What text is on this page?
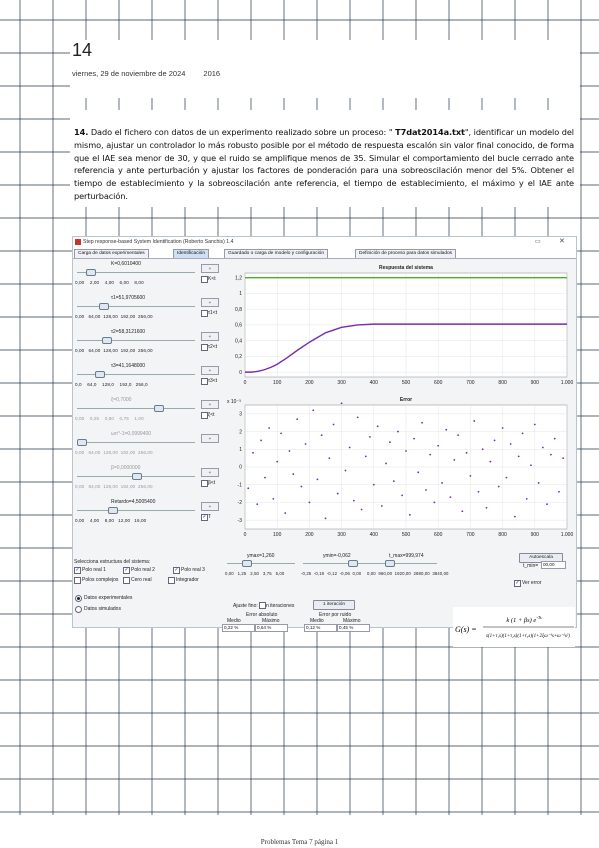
14
viernes, 29 de noviembre de 2024 2016
14. Dado el fichero con datos de un experimento realizado sobre un proceso: " T7dat2014a.txt", identificar un modelo del mismo, ajustar un controlador lo más robusto posible por el método de respuesta escalón sin valor final conocido, de forma que el IAE sea menor de 30, y que el ruido se amplifique menos de 35. Simular el comportamiento del bucle cerrado ante referencia y ante perturbación y ajustar los factores de ponderación para una sobreoscilación menor del 5%. Obtener el tiempo de establecimiento y la sobreoscilación ante referencia, el tiempo de establecimiento, el máximo y el IAE ante perturbación.
Step response-based System Identification (Roberto Sanchis) 1.4	▭	✕
Carga de datos experimentales	Identificación	Guardado o carga de modelo y configuración	Definición de proceso para datos simulados
Selecciona estructura del sistema:
✓ Polo real 1	✓ Polo real 2	✓ Polo real 3
Polos complejos	Cero real	Integrador
Datos experimentales
Datos simulados	Ajuste fino: n iteraciones	1 iteración
Error absoluto	Error por ruido
Medio	Máximo	Medio	Máximo
0,22 %	0,64 %	0,12 %	0,45 %
Autoescala
t_min=	00,00
✓ Ver error
Respuesta del sistema
0	100	200	300	400	500	600	700	800	900	1.000
0
0,2
0,4
0,6
0,8
1
1,2
Error
0	100	200	300	400	500	600	700	800	900	1.000
-3
-2
-1
0
1
2
3
x 10⁻³
G(s) =
k (1 + βs) $e^{-Ts}$
s(1+τ₁s)(1+τ₂s)(1+τ₃s)(1+2ξω⁻¹s+ω⁻²s²)
K=0,6010400
0,00    2,00    4,00    6,00    8,00
+
K<t
τ1=51,9705600
0,00   64,00  128,00  192,00  256,00
+
τ1<t
τ2=58,3121600
0,00   64,00  128,00  192,00  256,00
+
τ2<t
τ3=41,1648000
0,0    64,0    128,0    192,0   256,0
+
τ3<t
ξ=0,7000
0,00    0,25    0,50    0,75    1,00
+
ξ<t
ωn^-1=0,0999400
0,00   64,00  128,00  192,00  256,00
+
β=0,0000000
0,00   64,00  128,00  192,00  256,00
+
β<t
Retardo=4,5005400
0,00    4,00    8,00   12,00   16,00
+
✓ T
ymax=1,260
0,00   1,25   2,50   3,75   5,00
ymin=-0,062
-0,25  -0,19  -0,12  -0,06  0,00
t_max=999,974
0,00  960,00  1920,00  2880,00  3840,00
Problemas Tema 7 página 1
